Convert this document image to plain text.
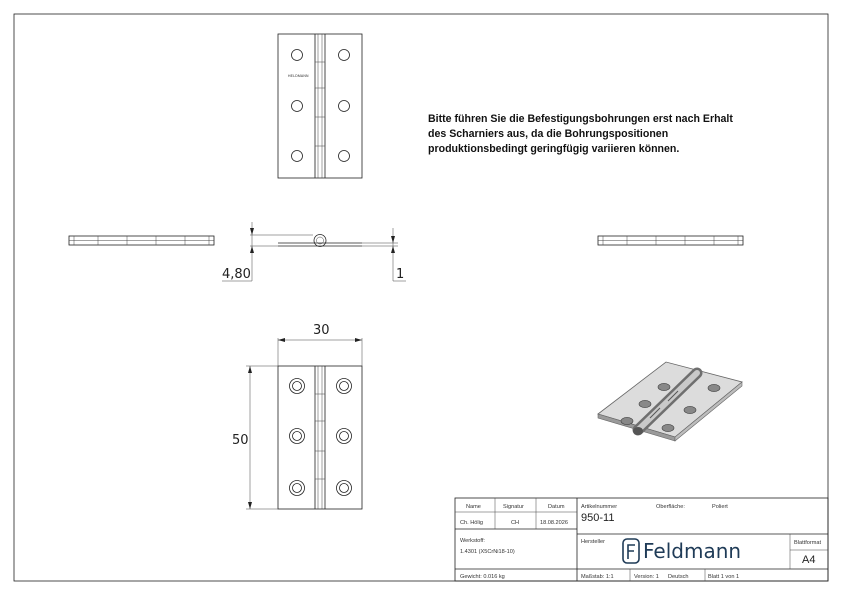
HELDMANN
4,80	1
30
50
Name	Signatur	Datum
Ch. Hölig	CH	18.08.2026
Artikelnummer
950-11
Oberfläche:	Poliert
Werkstoff:
1.4301 (X5CrNi18-10)
Hersteller Feldmann	Blattformat
A4
Gewicht: 0.016 kg	Maßstab: 1:1	Version: 1 Deutsch	Blatt 1 von 1
Bitte führen Sie die Befestigungsbohrungen erst nach Erhalt
des Scharniers aus, da die Bohrungspositionen
produktionsbedingt geringfügig variieren können.
